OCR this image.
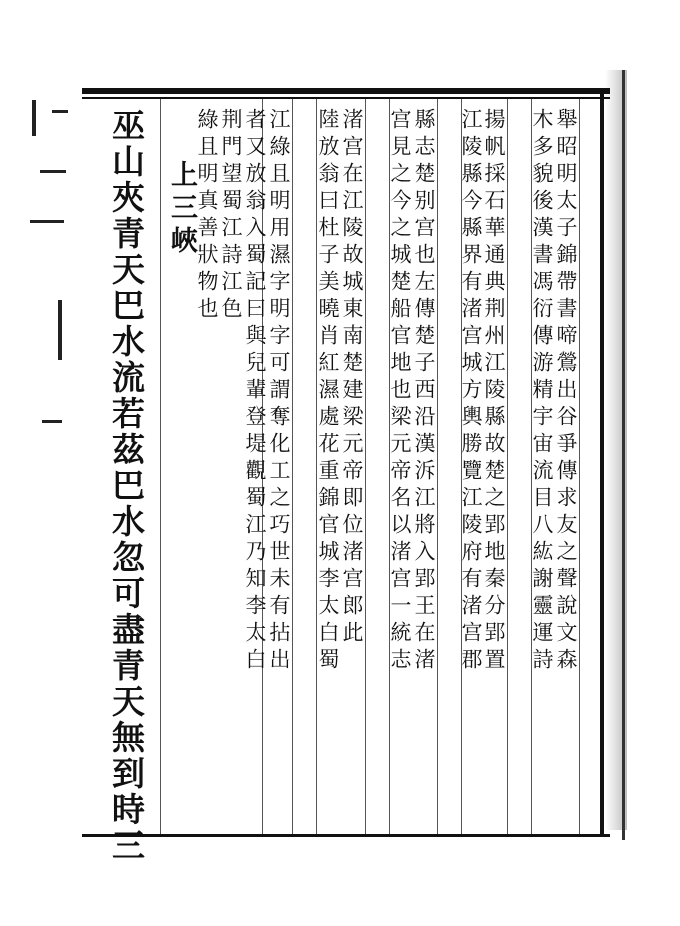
舉昭明太子錦帶書啼鶯出谷爭傳求友之聲說文森
木多貌後漢書馮衍傳游精宇宙流目八紘謝靈運詩
揚帆採石華通典荆州江陵縣故楚之郢地秦分郢置
江陵縣今縣界有渚宫城方輿勝覽江陵府有渚宫郡
縣志楚别宫也左傳楚子西沿漢泝江將入郢王在渚
宫見之今之城楚船官地也梁元帝名以渚宫一統志
渚宫在江陵故城東南楚建梁元帝即位渚宫郎此
陸放翁曰杜子美曉肖紅濕處花重錦官城李太白蜀
江綠且明用濕字明字可謂奪化工之巧世未有拈出
者又放翁入蜀記曰與兒輩登堤觀蜀江乃知李太白
荆門望蜀江詩江色
綠且明真善狀物也
上三峽
巫山夾青天巴水流若茲巴水忽可盡青天無到時三
